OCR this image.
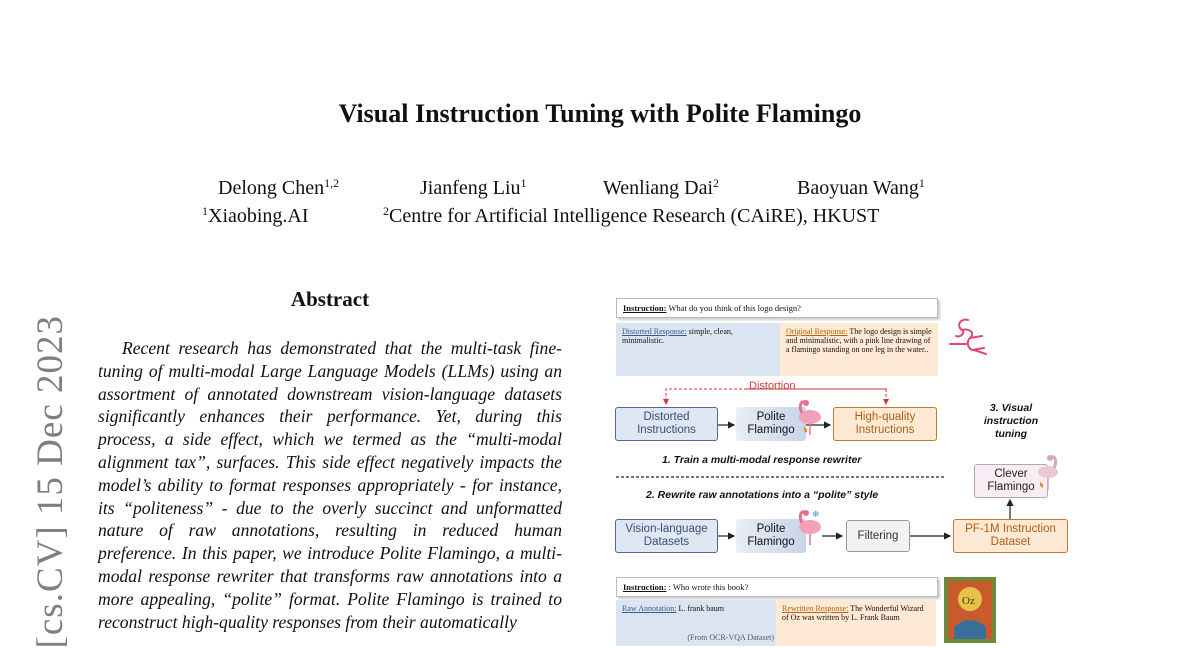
[cs.CV] 15 Dec 2023
Visual Instruction Tuning with Polite Flamingo
Delong Chen$^{1,2}$	Jianfeng Liu$^1$	Wenliang Dai$^2$	Baoyuan Wang$^1$
$^1$Xiaobing.AI	$^2$Centre for Artificial Intelligence Research (CAiRE), HKUST
Abstract
Recent research has demonstrated that the multi-task fine-tuning of multi-modal Large Language Models (LLMs) using an assortment of annotated downstream vision-language datasets significantly enhances their performance. Yet, during this process, a side effect, which we termed as the “multi-modal alignment tax”, surfaces. This side effect negatively impacts the model’s ability to format responses appropriately - for instance, its “politeness” - due to the overly succinct and unformatted nature of raw annotations, resulting in reduced human preference. In this paper, we introduce Polite Flamingo, a multi-modal response rewriter that transforms raw annotations into a more appealing, “polite” format. Polite Flamingo is trained to reconstruct high-quality responses from their automatically
Instruction: What do you think of this logo design?
Distorted Response: simple, clean, minimalistic.
Original Response: The logo design is simple and minimalistic, with a pink line drawing of a flamingo standing on one leg in the water..
Distortion
Distorted Instructions
Polite Flamingo
High-quality Instructions
1. Train a multi-modal response rewriter
3. Visual instruction tuning
Clever Flamingo
2. Rewrite raw annotations into a “polite” style
Vision-language Datasets
Polite Flamingo
Filtering
PF-1M Instruction Dataset
❄
Instruction: : Who wrote this book?
Raw Annotation: L. frank baum
(From OCR-VQA Dataset)
Rewritten Response: The Wonderful Wizard of Oz was written by L. Frank Baum
Oz
